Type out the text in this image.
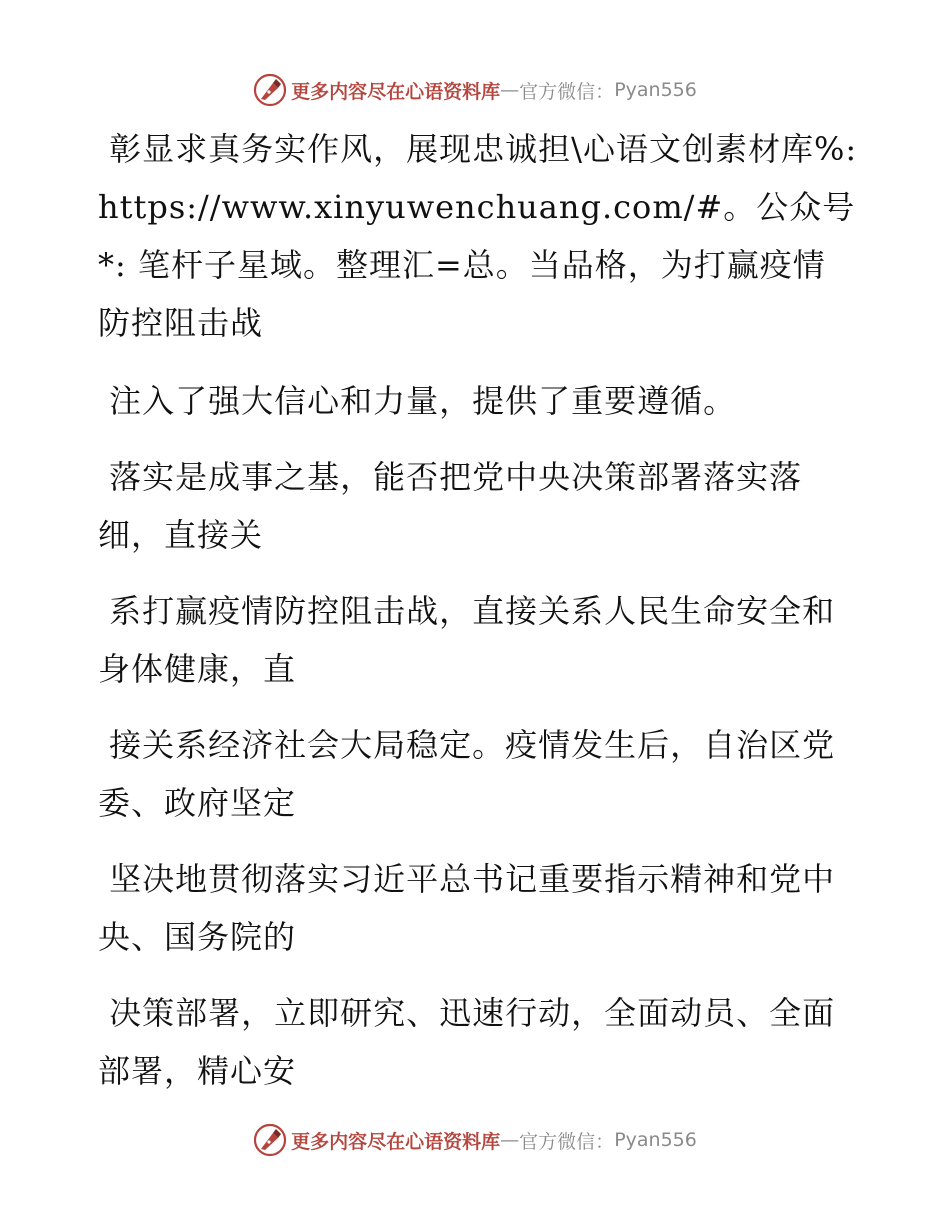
更多内容尽在心语资料库 — 官方微信： Pyan556

彰显求真务实作风，展现忠诚担\心语文创素材库%: https://www.xinyuwenchuang.com/#。公众号*: 笔杆子星域。整理汇=总。当品格，为打赢疫情防控阻击战

注入了强大信心和力量，提供了重要遵循。

落实是成事之基，能否把党中央决策部署落实落细，直接关

系打赢疫情防控阻击战，直接关系人民生命安全和身体健康，直

接关系经济社会大局稳定。疫情发生后，自治区党委、政府坚定

坚决地贯彻落实习近平总书记重要指示精神和党中央、国务院的

决策部署，立即研究、迅速行动，全面动员、全面部署，精心安

更多内容尽在心语资料库 — 官方微信： Pyan556
